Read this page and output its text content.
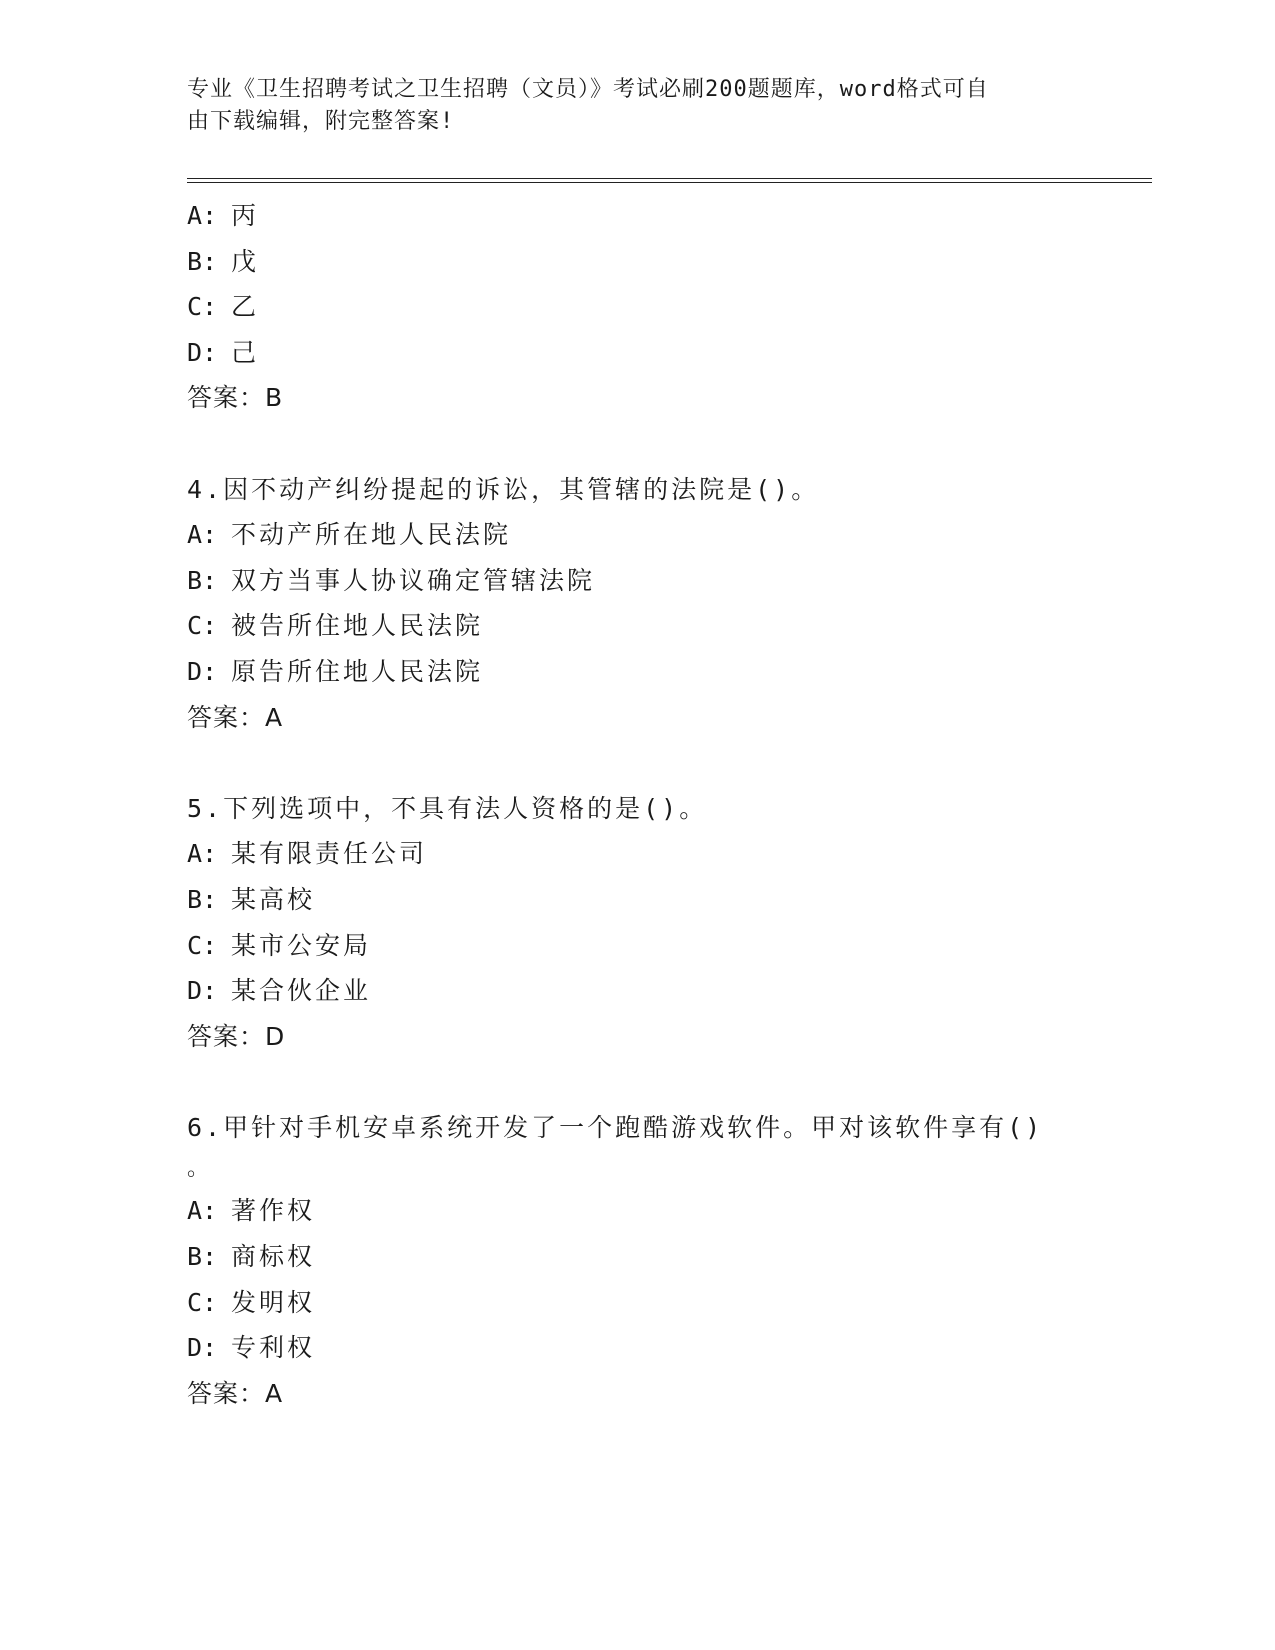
专业《卫生招聘考试之卫生招聘（文员）》考试必刷200题题库，word格式可自
由下载编辑，附完整答案!
A: 丙
B: 戊
C: 乙
D: 己
答案：B
4.因不动产纠纷提起的诉讼，其管辖的法院是()。
A: 不动产所在地人民法院
B: 双方当事人协议确定管辖法院
C: 被告所住地人民法院
D: 原告所住地人民法院
答案：A
5.下列选项中，不具有法人资格的是()。
A: 某有限责任公司
B: 某高校
C: 某市公安局
D: 某合伙企业
答案：D
6.甲针对手机安卓系统开发了一个跑酷游戏软件。甲对该软件享有()
。
A: 著作权
B: 商标权
C: 发明权
D: 专利权
答案：A
